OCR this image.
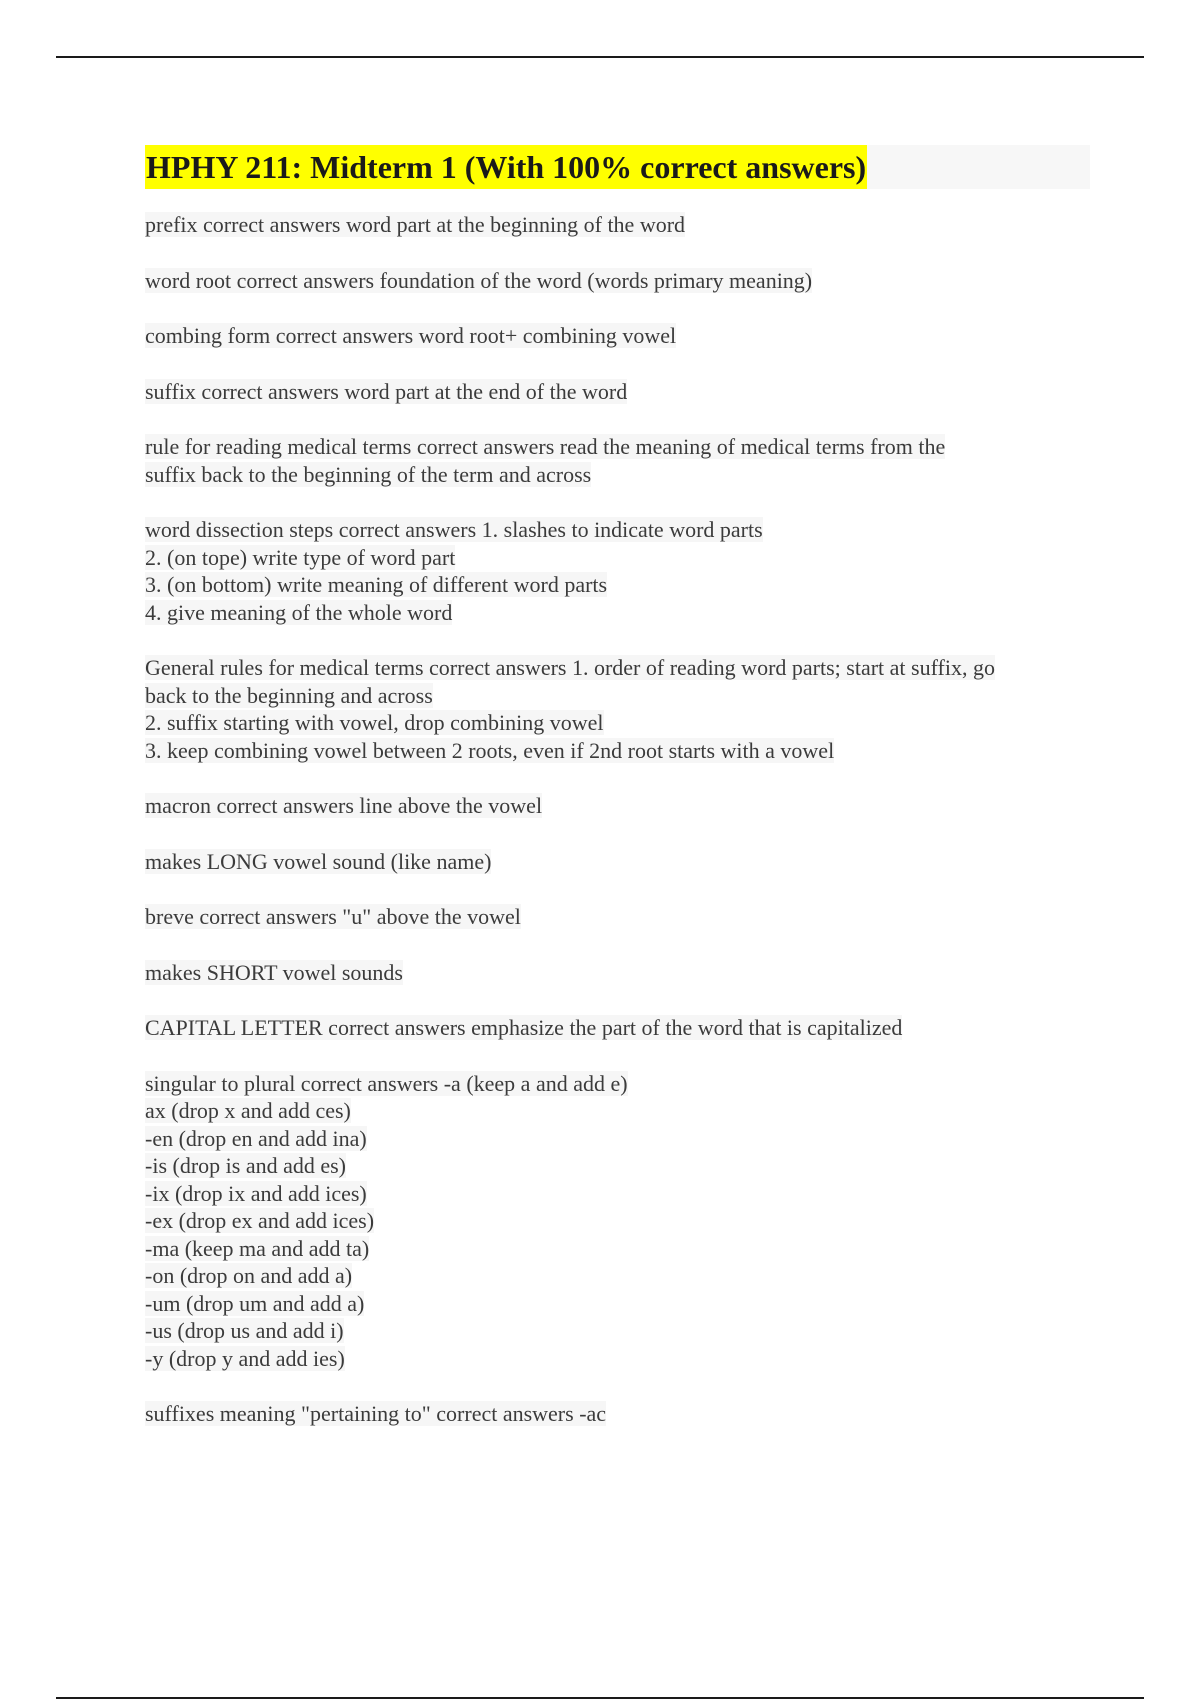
HPHY 211: Midterm 1 (With 100% correct answers)
prefix correct answers word part at the beginning of the word
word root correct answers foundation of the word (words primary meaning)
combing form correct answers word root+ combining vowel
suffix correct answers word part at the end of the word
rule for reading medical terms correct answers read the meaning of medical terms from the
suffix back to the beginning of the term and across
word dissection steps correct answers 1. slashes to indicate word parts
2. (on tope) write type of word part
3. (on bottom) write meaning of different word parts
4. give meaning of the whole word
General rules for medical terms correct answers 1. order of reading word parts; start at suffix, go
back to the beginning and across
2. suffix starting with vowel, drop combining vowel
3. keep combining vowel between 2 roots, even if 2nd root starts with a vowel
macron correct answers line above the vowel
makes LONG vowel sound (like name)
breve correct answers "u" above the vowel
makes SHORT vowel sounds
CAPITAL LETTER correct answers emphasize the part of the word that is capitalized
singular to plural correct answers -a (keep a and add e)
ax (drop x and add ces)
-en (drop en and add ina)
-is (drop is and add es)
-ix (drop ix and add ices)
-ex (drop ex and add ices)
-ma (keep ma and add ta)
-on (drop on and add a)
-um (drop um and add a)
-us (drop us and add i)
-y (drop y and add ies)
suffixes meaning "pertaining to" correct answers -ac
